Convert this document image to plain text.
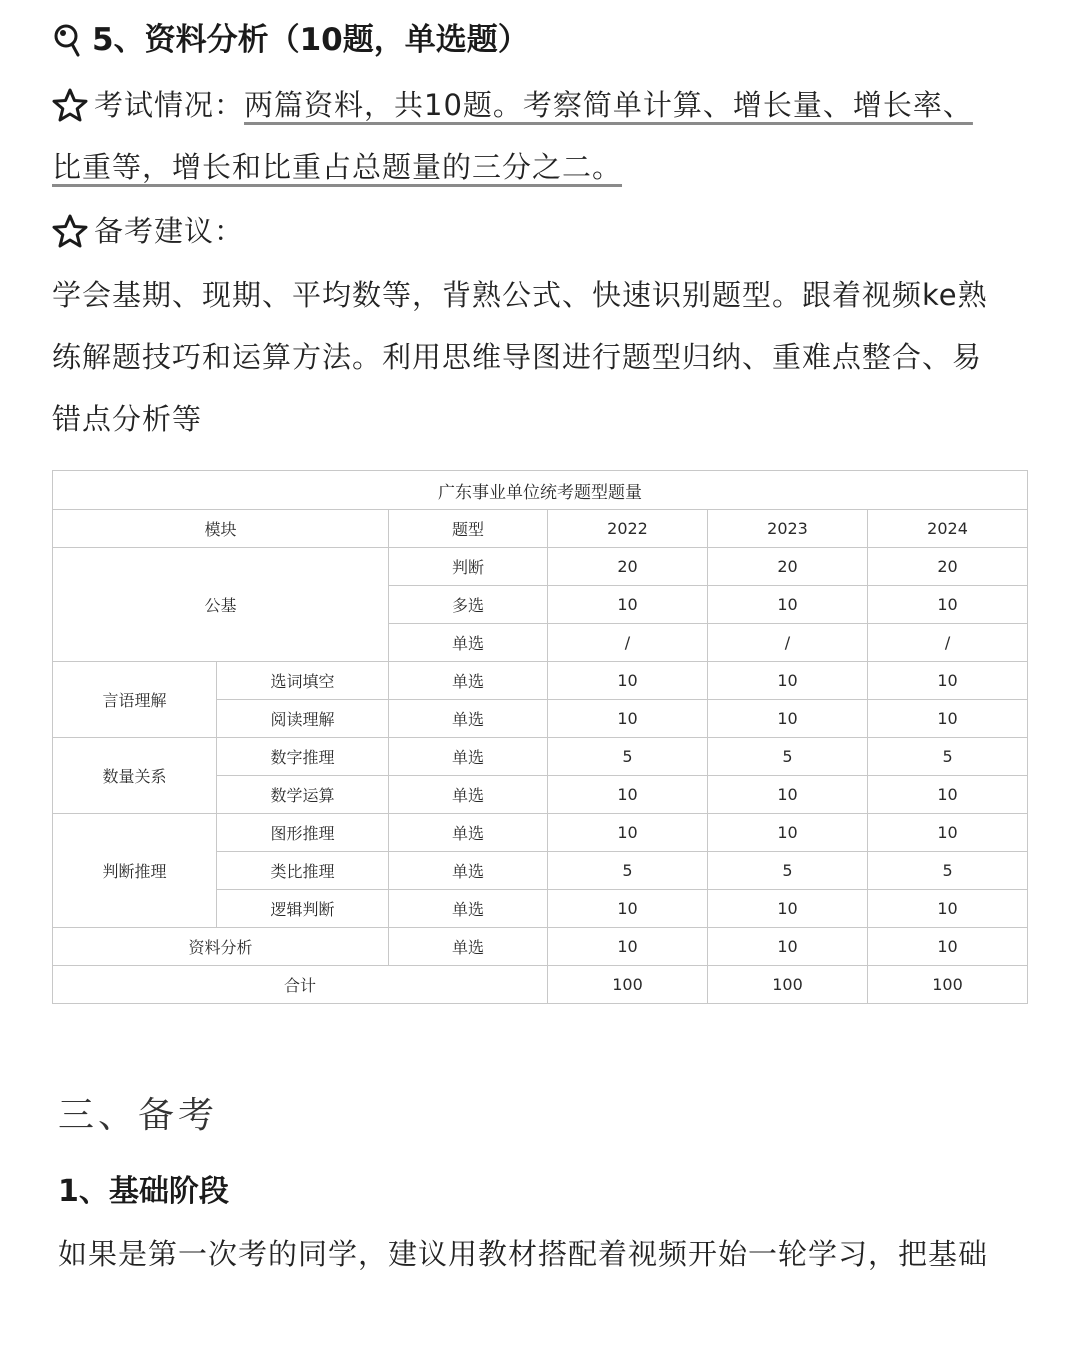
5、资料分析（10题，单选题）
考试情况： 两篇资料，共10题。考察简单计算、增长量、增长率、
比重等，增长和比重占总题量的三分之二。
备考建议：
学会基期、现期、平均数等，背熟公式、快速识别题型。跟着视频ke熟
练解题技巧和运算方法。利用思维导图进行题型归纳、重难点整合、易
错点分析等
广东事业单位统考题型题量					
模块		题型	2022	2023	2024
公基		判断	20	20	20
		多选	10	10	10
		单选	/	/	/
言语理解	选词填空	单选	10	10	10
	阅读理解	单选	10	10	10
数量关系	数字推理	单选	5	5	5
	数学运算	单选	10	10	10
判断推理	图形推理	单选	10	10	10
	类比推理	单选	5	5	5
	逻辑判断	单选	10	10	10
资料分析		单选	10	10	10
合计			100	100	100
三、备考
1、基础阶段
如果是第一次考的同学，建议用教材搭配着视频开始一轮学习，把基础
